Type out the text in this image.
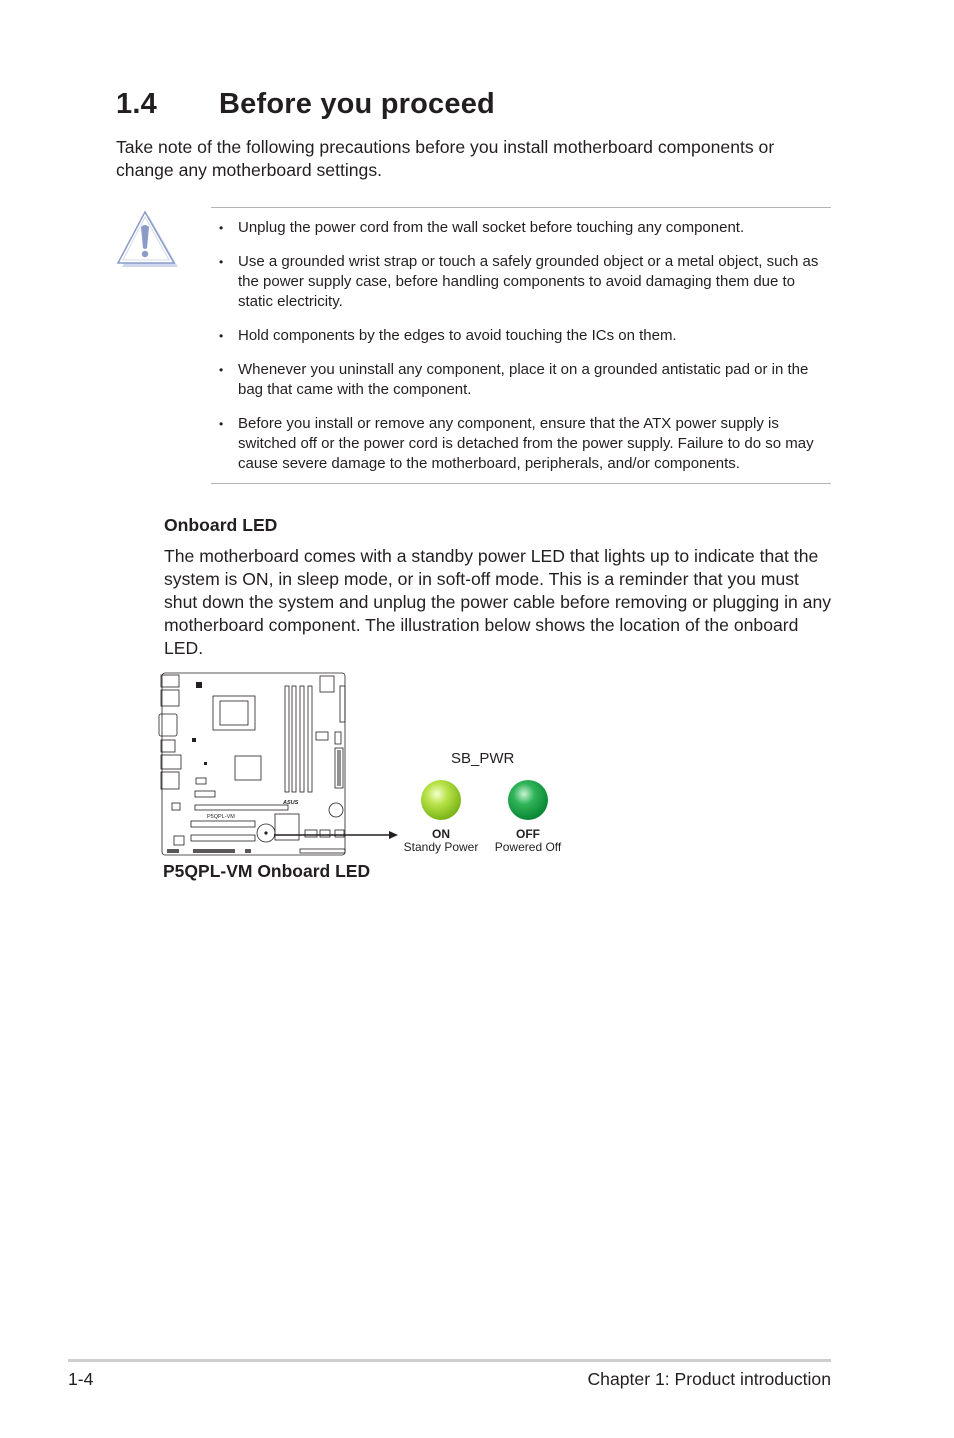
1.4 Before you proceed

Take note of the following precautions before you install motherboard components or change any motherboard settings.

• Unplug the power cord from the wall socket before touching any component.
• Use a grounded wrist strap or touch a safely grounded object or a metal object, such as the power supply case, before handling components to avoid damaging them due to static electricity.
• Hold components by the edges to avoid touching the ICs on them.
• Whenever you uninstall any component, place it on a grounded antistatic pad or in the bag that came with the component.
• Before you install or remove any component, ensure that the ATX power supply is switched off or the power cord is detached from the power supply. Failure to do so may cause severe damage to the motherboard, peripherals, and/or components.
Onboard LED

The motherboard comes with a standby power LED that lights up to indicate that the system is ON, in sleep mode, or in soft-off mode. This is a reminder that you must shut down the system and unplug the power cable before removing or plugging in any motherboard component. The illustration below shows the location of the onboard LED.

P5QPL-VM
ASUS
SB_PWR
ON
Standy Power
OFF
Powered Off

P5QPL-VM Onboard LED

1-4	Chapter 1: Product introduction
